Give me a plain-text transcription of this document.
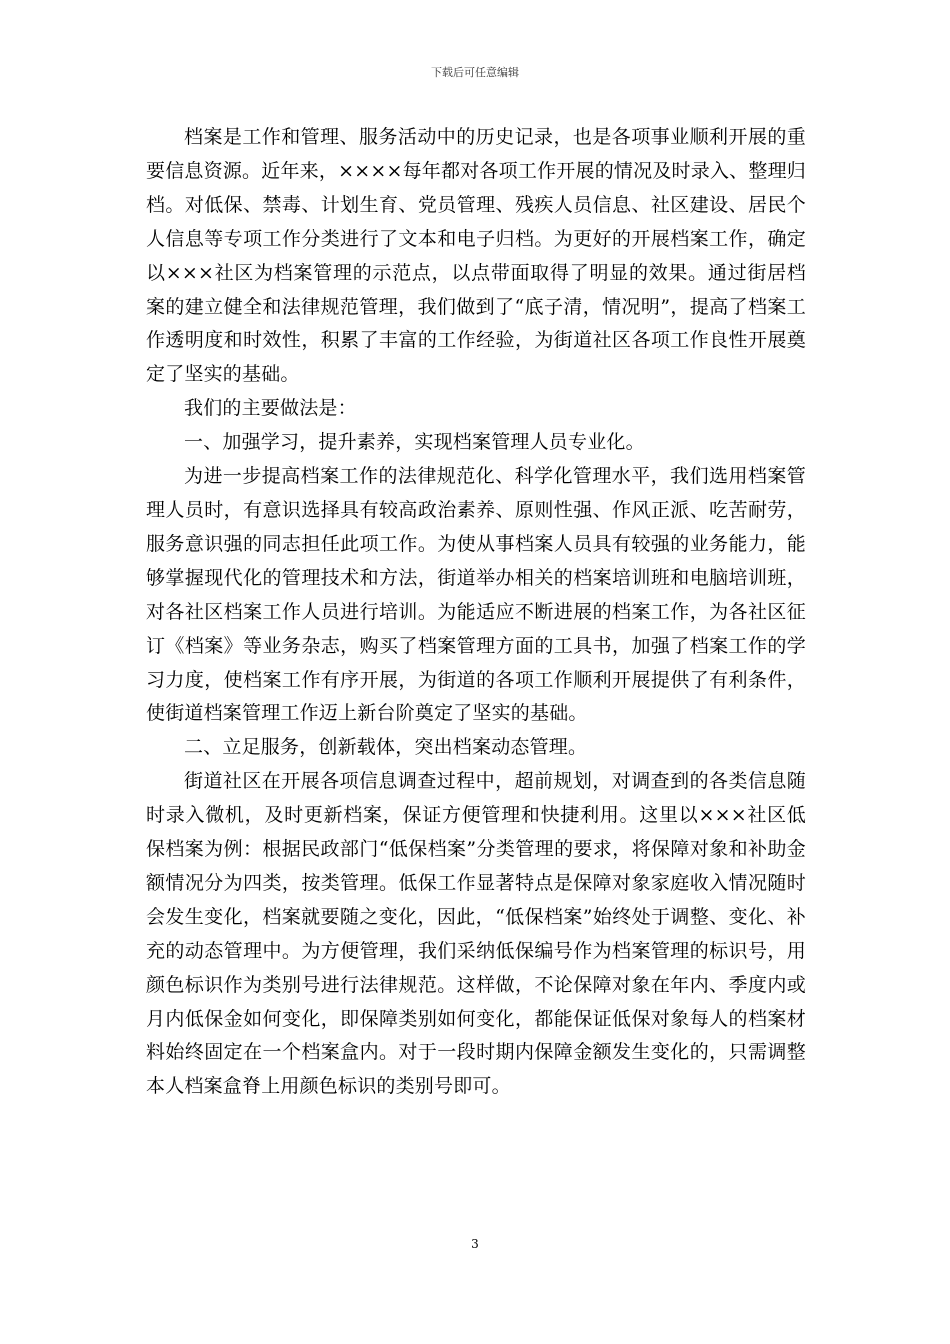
下载后可任意编辑

档案是工作和管理、服务活动中的历史记录，也是各项事业顺利开展的重要信息资源。近年来，××××每年都对各项工作开展的情况及时录入、整理归档。对低保、禁毒、计划生育、党员管理、残疾人员信息、社区建设、居民个人信息等专项工作分类进行了文本和电子归档。为更好的开展档案工作，确定以×××社区为档案管理的示范点，以点带面取得了明显的效果。通过街居档案的建立健全和法律规范管理，我们做到了“底子清，情况明”，提高了档案工作透明度和时效性，积累了丰富的工作经验，为街道社区各项工作良性开展奠定了坚实的基础。

我们的主要做法是：

一、加强学习，提升素养，实现档案管理人员专业化。

为进一步提高档案工作的法律规范化、科学化管理水平，我们选用档案管理人员时，有意识选择具有较高政治素养、原则性强、作风正派、吃苦耐劳，服务意识强的同志担任此项工作。为使从事档案人员具有较强的业务能力，能够掌握现代化的管理技术和方法，街道举办相关的档案培训班和电脑培训班，对各社区档案工作人员进行培训。为能适应不断进展的档案工作，为各社区征订《档案》等业务杂志，购买了档案管理方面的工具书，加强了档案工作的学习力度，使档案工作有序开展，为街道的各项工作顺利开展提供了有利条件，使街道档案管理工作迈上新台阶奠定了坚实的基础。

二、立足服务，创新载体，突出档案动态管理。

街道社区在开展各项信息调查过程中，超前规划，对调查到的各类信息随时录入微机，及时更新档案，保证方便管理和快捷利用。这里以×××社区低保档案为例：根据民政部门“低保档案”分类管理的要求，将保障对象和补助金额情况分为四类，按类管理。低保工作显著特点是保障对象家庭收入情况随时会发生变化，档案就要随之变化，因此，“低保档案”始终处于调整、变化、补充的动态管理中。为方便管理，我们采纳低保编号作为档案管理的标识号，用颜色标识作为类别号进行法律规范。这样做，不论保障对象在年内、季度内或月内低保金如何变化，即保障类别如何变化，都能保证低保对象每人的档案材料始终固定在一个档案盒内。对于一段时期内保障金额发生变化的，只需调整本人档案盒脊上用颜色标识的类别号即可。

3
